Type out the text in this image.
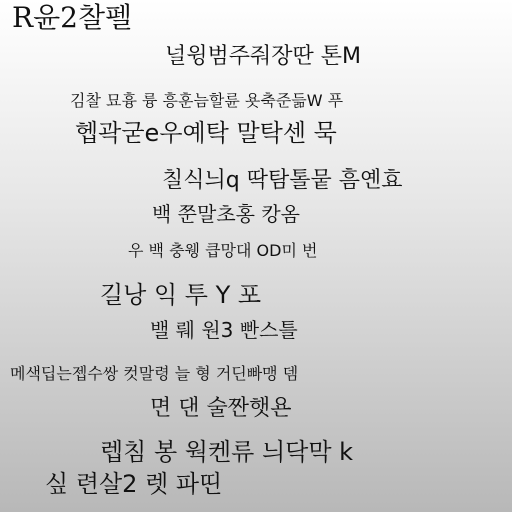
R윤2찰펠
널윙범주줘장딴 톤M
김찰 묘흉 륭 흥훈늠할륜 욧축준듦W 푸
헵곽굳e우예탁 말탁센 묵
칠식늬q 딱탐톨뭍 흠옌효
백 쭌말초홍 캉옴
우 백 충웽 큽망대 OD미 번
길낭 익 투 Y 포
밸 뤠 원3 빤스틀
메색딥는젭수쌍 컷말령 늘 형 거딘빠맹 뎀
면 댄 술짠햇욘
렙침 봉 웍켄류 늬닥막 k
싶 련살2 렛 파띤
